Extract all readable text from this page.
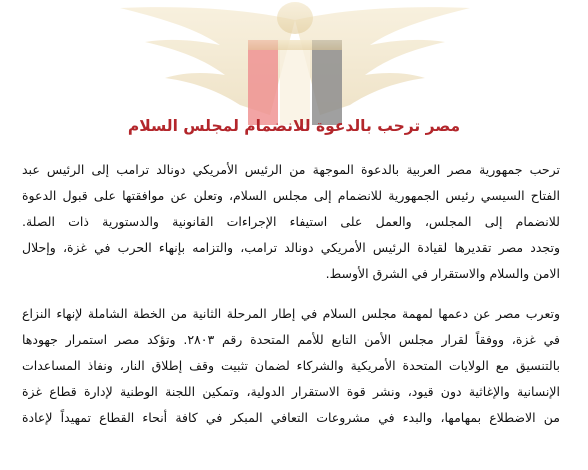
مصر ترحب بالدعوة للانضمام لمجلس السلام
ترحب جمهورية مصر العربية بالدعوة الموجهة من الرئيس الأمريكي دونالد ترامب إلى الرئيس عبد
الفتاح السيسي رئيس الجمهورية للانضمام إلى مجلس السلام، وتعلن عن موافقتها على قبول الدعوة
للانضمام إلى المجلس، والعمل على استيفاء الإجراءات القانونية والدستورية ذات الصلة.
وتجدد مصر تقديرها لقيادة الرئيس الأمريكي دونالد ترامب، والتزامه بإنهاء الحرب في غزة، وإحلال
الامن والسلام والاستقرار في الشرق الأوسط.
وتعرب مصر عن دعمها لمهمة مجلس السلام في إطار المرحلة الثانية من الخطة الشاملة لإنهاء النزاع
في غزة، ووفقاً لقرار مجلس الأمن التابع للأمم المتحدة رقم ٢٨٠٣. وتؤكد مصر استمرار جهودها
بالتنسيق مع الولايات المتحدة الأمريكية والشركاء لضمان تثبيت وقف إطلاق النار، ونفاذ المساعدات
الإنسانية والإغاثية دون قيود، ونشر قوة الاستقرار الدولية، وتمكين اللجنة الوطنية لإدارة قطاع غزة
من الاضطلاع بمهامها، والبدء في مشروعات التعافي المبكر في كافة أنحاء القطاع تمهيداً لإعادة
